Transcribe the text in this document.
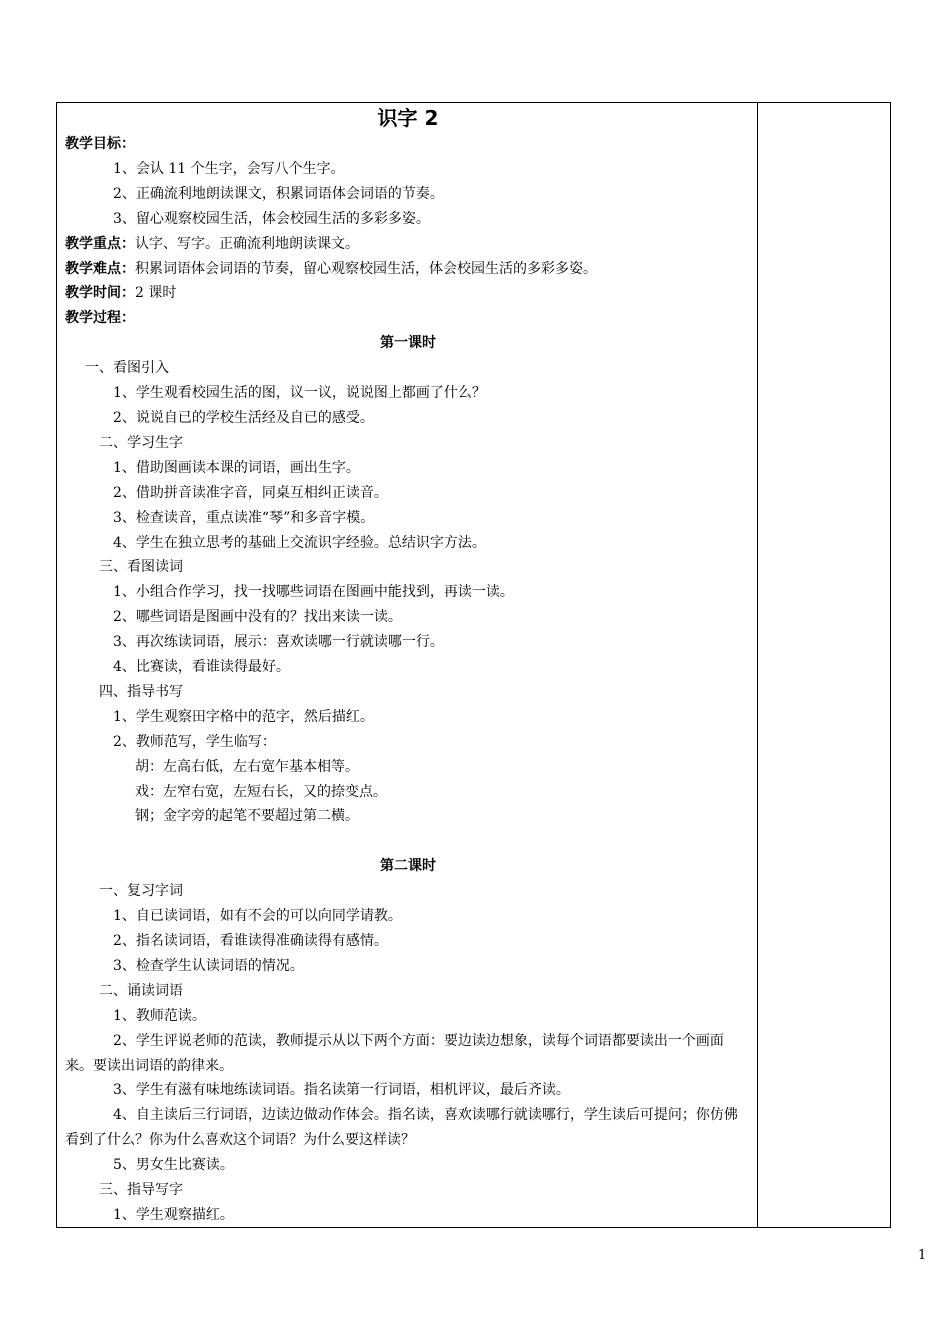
识字 2
教学目标：
1、会认 11 个生字，会写八个生字。
2、正确流利地朗读课文，积累词语体会词语的节奏。
3、留心观察校园生活，体会校园生活的多彩多姿。
教学重点：认字、写字。正确流利地朗读课文。
教学难点：积累词语体会词语的节奏，留心观察校园生活，体会校园生活的多彩多姿。
教学时间：2 课时
教学过程：
第一课时
一、看图引入
1、学生观看校园生活的图，议一议，说说图上都画了什么？
2、说说自已的学校生活经及自已的感受。
二、学习生字
1、借助图画读本课的词语，画出生字。
2、借助拼音读准字音，同桌互相纠正读音。
3、检查读音，重点读准“琴”和多音字模。
4、学生在独立思考的基础上交流识字经验。总结识字方法。
三、看图读词
1、小组合作学习，找一找哪些词语在图画中能找到，再读一读。
2、哪些词语是图画中没有的？找出来读一读。
3、再次练读词语，展示：喜欢读哪一行就读哪一行。
4、比赛读，看谁读得最好。
四、指导书写
1、学生观察田字格中的范字，然后描红。
2、教师范写，学生临写：
胡：左高右低，左右宽乍基本相等。
戏：左窄右宽，左短右长，又的捺变点。
钢；金字旁的起笔不要超过第二横。
第二课时
一、复习字词
1、自已读词语，如有不会的可以向同学请教。
2、指名读词语，看谁读得准确读得有感情。
3、检查学生认读词语的情况。
二、诵读词语
1、教师范读。
2、学生评说老师的范读，教师提示从以下两个方面：要边读边想象，读每个词语都要读出一个画面来。要读出词语的韵律来。
3、学生有滋有味地练读词语。指名读第一行词语，相机评议，最后齐读。
4、自主读后三行词语，边读边做动作体会。指名读，喜欢读哪行就读哪行，学生读后可提问；你仿佛看到了什么？你为什么喜欢这个词语？为什么要这样读？
5、男女生比赛读。
三、指导写字
1、学生观察描红。
1
